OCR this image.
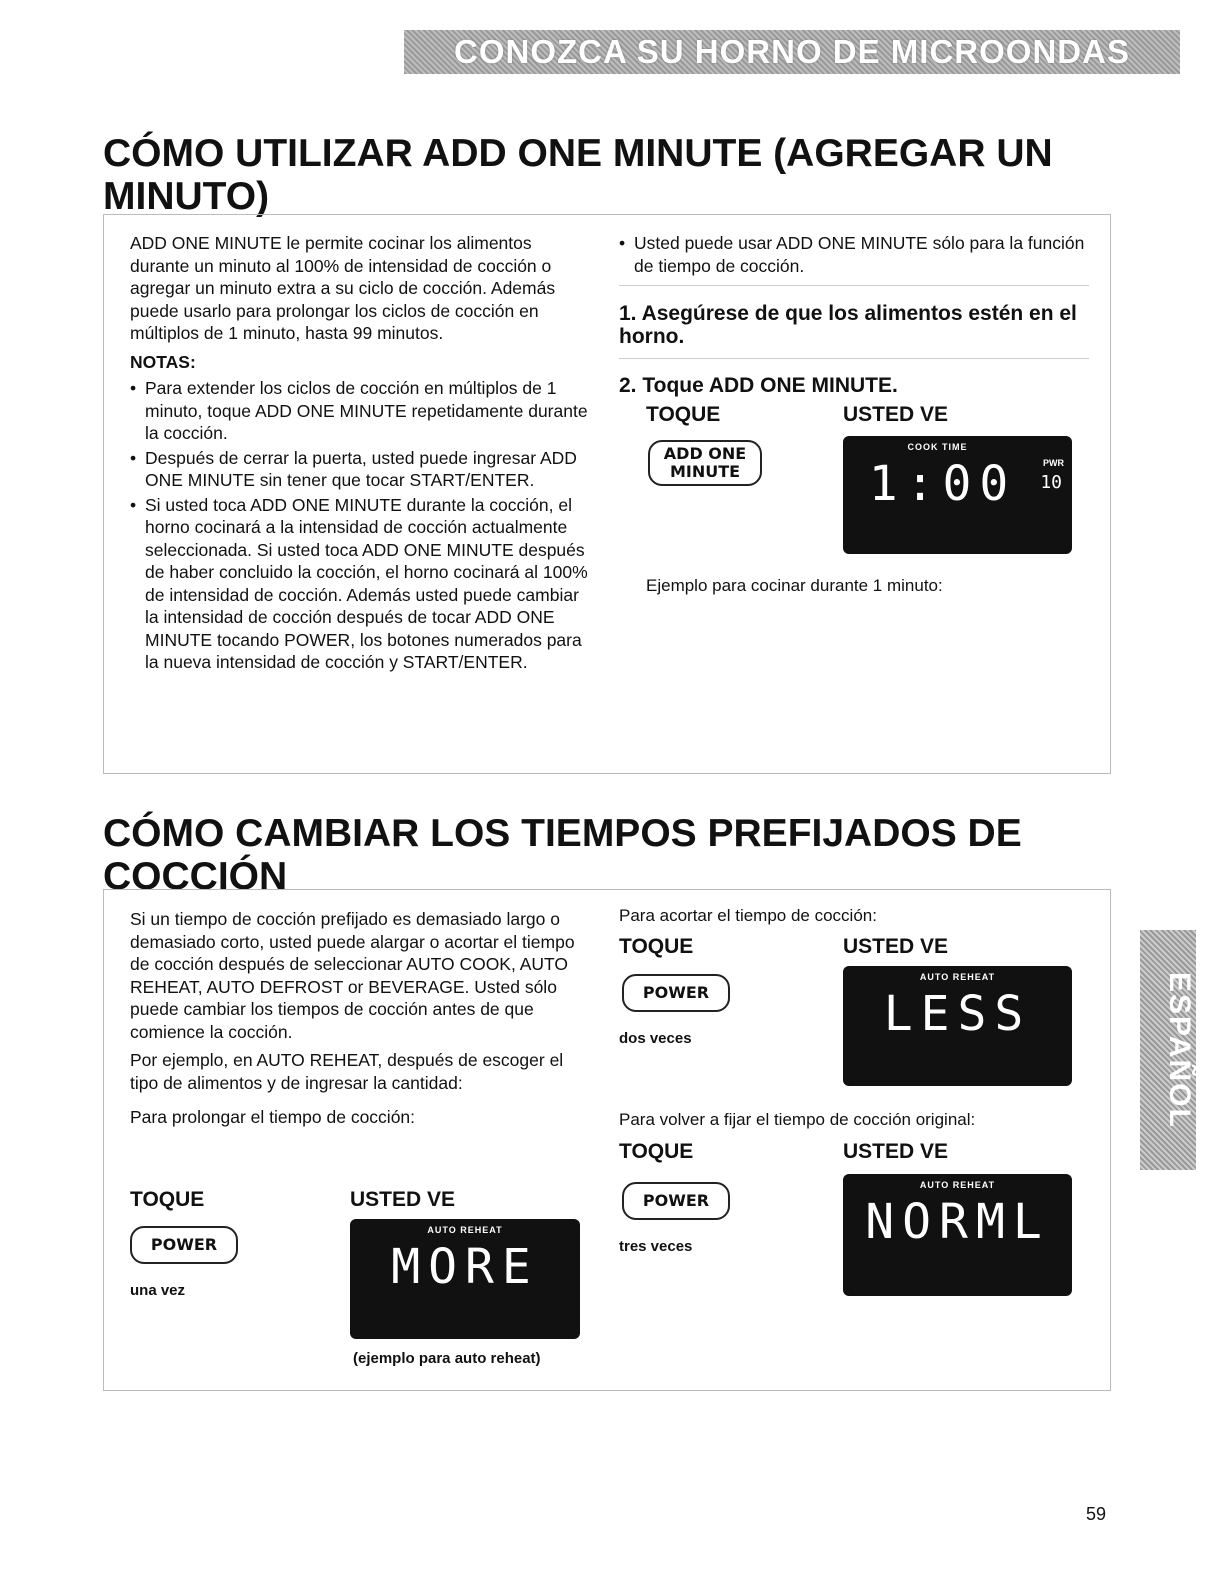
CONOZCA SU HORNO DE MICROONDAS
CÓMO UTILIZAR ADD ONE MINUTE (AGREGAR UN MINUTO)

ADD ONE MINUTE le permite cocinar los alimentos durante un minuto al 100% de intensidad de cocción o agregar un minuto extra a su ciclo de cocción. Además puede usarlo para prolongar los ciclos de cocción en múltiplos de 1 minuto, hasta 99 minutos.

NOTAS:
• Para extender los ciclos de cocción en múltiplos de 1 minuto, toque ADD ONE MINUTE repetidamente durante la cocción.
• Después de cerrar la puerta, usted puede ingresar ADD ONE MINUTE sin tener que tocar START/ENTER.
• Si usted toca ADD ONE MINUTE durante la cocción, el horno cocinará a la intensidad de cocción actualmente seleccionada. Si usted toca ADD ONE MINUTE después de haber concluido la cocción, el horno cocinará al 100% de intensidad de cocción. Además usted puede cambiar la intensidad de cocción después de tocar ADD ONE MINUTE tocando POWER, los botones numerados para la nueva intensidad de cocción y START/ENTER.
• Usted puede usar ADD ONE MINUTE sólo para la función de tiempo de cocción.
1. Asegúrese de que los alimentos estén en el horno.
2. Toque ADD ONE MINUTE.
TOQUE	USTED VE
ADD ONE MINUTE
COOK TIME
1:00	PWR
10
Ejemplo para cocinar durante 1 minuto:
CÓMO CAMBIAR LOS TIEMPOS PREFIJADOS DE COCCIÓN

Si un tiempo de cocción prefijado es demasiado largo o demasiado corto, usted puede alargar o acortar el tiempo de cocción después de seleccionar AUTO COOK, AUTO REHEAT, AUTO DEFROST or BEVERAGE. Usted sólo puede cambiar los tiempos de cocción antes de que comience la cocción.

Por ejemplo, en AUTO REHEAT, después de escoger el tipo de alimentos y de ingresar la cantidad:

Para prolongar el tiempo de cocción:

TOQUE	USTED VE
POWER
una vez
AUTO REHEAT
MORE
(ejemplo para auto reheat)
Para acortar el tiempo de cocción:
TOQUE	USTED VE
POWER
dos veces
AUTO REHEAT
LESS
Para volver a fijar el tiempo de cocción original:
TOQUE	USTED VE
POWER
tres veces
AUTO REHEAT
NORML
ESPAÑOL
59
